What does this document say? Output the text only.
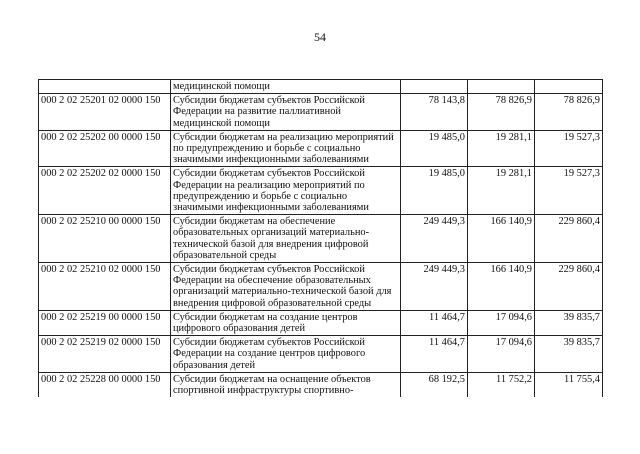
54
	медицинской помощи			
000 2 02 25201 02 0000 150	Субсидии бюджетам субъектов Российской Федерации на развитие паллиативной медицинской помощи	78 143,8	78 826,9	78 826,9
000 2 02 25202 00 0000 150	Субсидии бюджетам на реализацию мероприятий по предупреждению и борьбе с социально значимыми инфекционными заболеваниями	19 485,0	19 281,1	19 527,3
000 2 02 25202 02 0000 150	Субсидии бюджетам субъектов Российской Федерации на реализацию мероприятий по предупреждению и борьбе с социально значимыми инфекционными заболеваниями	19 485,0	19 281,1	19 527,3
000 2 02 25210 00 0000 150	Субсидии бюджетам на обеспечение образовательных организаций материально-технической базой для внедрения цифровой образовательной среды	249 449,3	166 140,9	229 860,4
000 2 02 25210 02 0000 150	Субсидии бюджетам субъектов Российской Федерации на обеспечение образовательных организаций материально-технической базой для внедрения цифровой образовательной среды	249 449,3	166 140,9	229 860,4
000 2 02 25219 00 0000 150	Субсидии бюджетам на создание центров цифрового образования детей	11 464,7	17 094,6	39 835,7
000 2 02 25219 02 0000 150	Субсидии бюджетам субъектов Российской Федерации на создание центров цифрового образования детей	11 464,7	17 094,6	39 835,7
000 2 02 25228 00 0000 150	Субсидии бюджетам на оснащение объектов спортивной инфраструктуры спортивно-	68 192,5	11 752,2	11 755,4
